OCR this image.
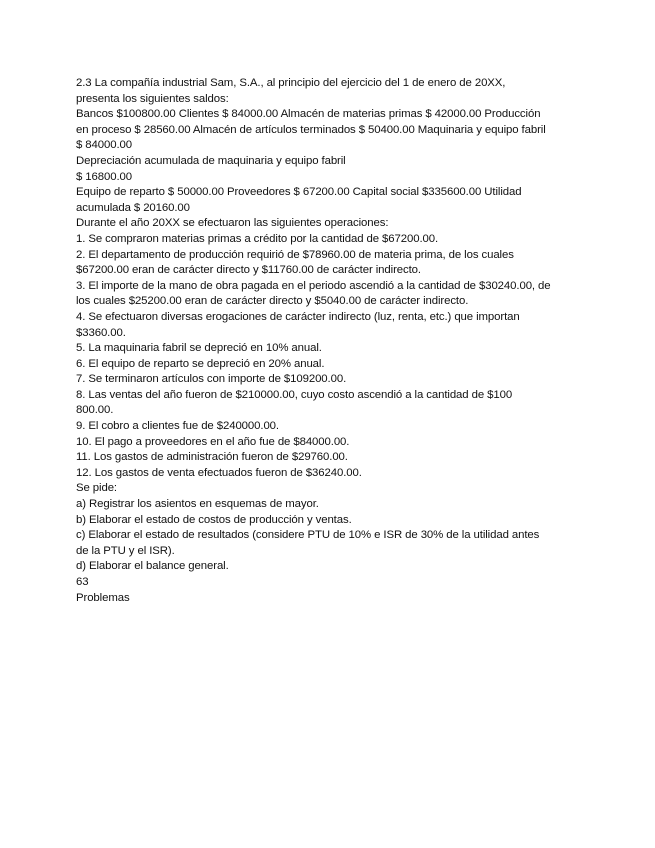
2.3 La compañía industrial Sam, S.A., al principio del ejercicio del 1 de enero de 20XX,
presenta los siguientes saldos:
Bancos $100800.00 Clientes $ 84000.00 Almacén de materias primas $ 42000.00 Producción
en proceso $ 28560.00 Almacén de artículos terminados $ 50400.00 Maquinaria y equipo fabril
$ 84000.00
Depreciación acumulada de maquinaria y equipo fabril
$ 16800.00
Equipo de reparto $ 50000.00 Proveedores $ 67200.00 Capital social $335600.00 Utilidad
acumulada $ 20160.00
Durante el año 20XX se efectuaron las siguientes operaciones:
1. Se compraron materias primas a crédito por la cantidad de $67200.00.
2. El departamento de producción requirió de $78960.00 de materia prima, de los cuales
$67200.00 eran de carácter directo y $11760.00 de carácter indirecto.
3. El importe de la mano de obra pagada en el periodo ascendió a la cantidad de $30240.00, de
los cuales $25200.00 eran de carácter directo y $5040.00 de carácter indirecto.
4. Se efectuaron diversas erogaciones de carácter indirecto (luz, renta, etc.) que importan
$3360.00.
5. La maquinaria fabril se depreció en 10% anual.
6. El equipo de reparto se depreció en 20% anual.
7. Se terminaron artículos con importe de $109200.00.
8. Las ventas del año fueron de $210000.00, cuyo costo ascendió a la cantidad de $100
800.00.
9. El cobro a clientes fue de $240000.00.
10. El pago a proveedores en el año fue de $84000.00.
11. Los gastos de administración fueron de $29760.00.
12. Los gastos de venta efectuados fueron de $36240.00.
Se pide:
a) Registrar los asientos en esquemas de mayor.
b) Elaborar el estado de costos de producción y ventas.
c) Elaborar el estado de resultados (considere PTU de 10% e ISR de 30% de la utilidad antes
de la PTU y el ISR).
d) Elaborar el balance general.
63
Problemas
